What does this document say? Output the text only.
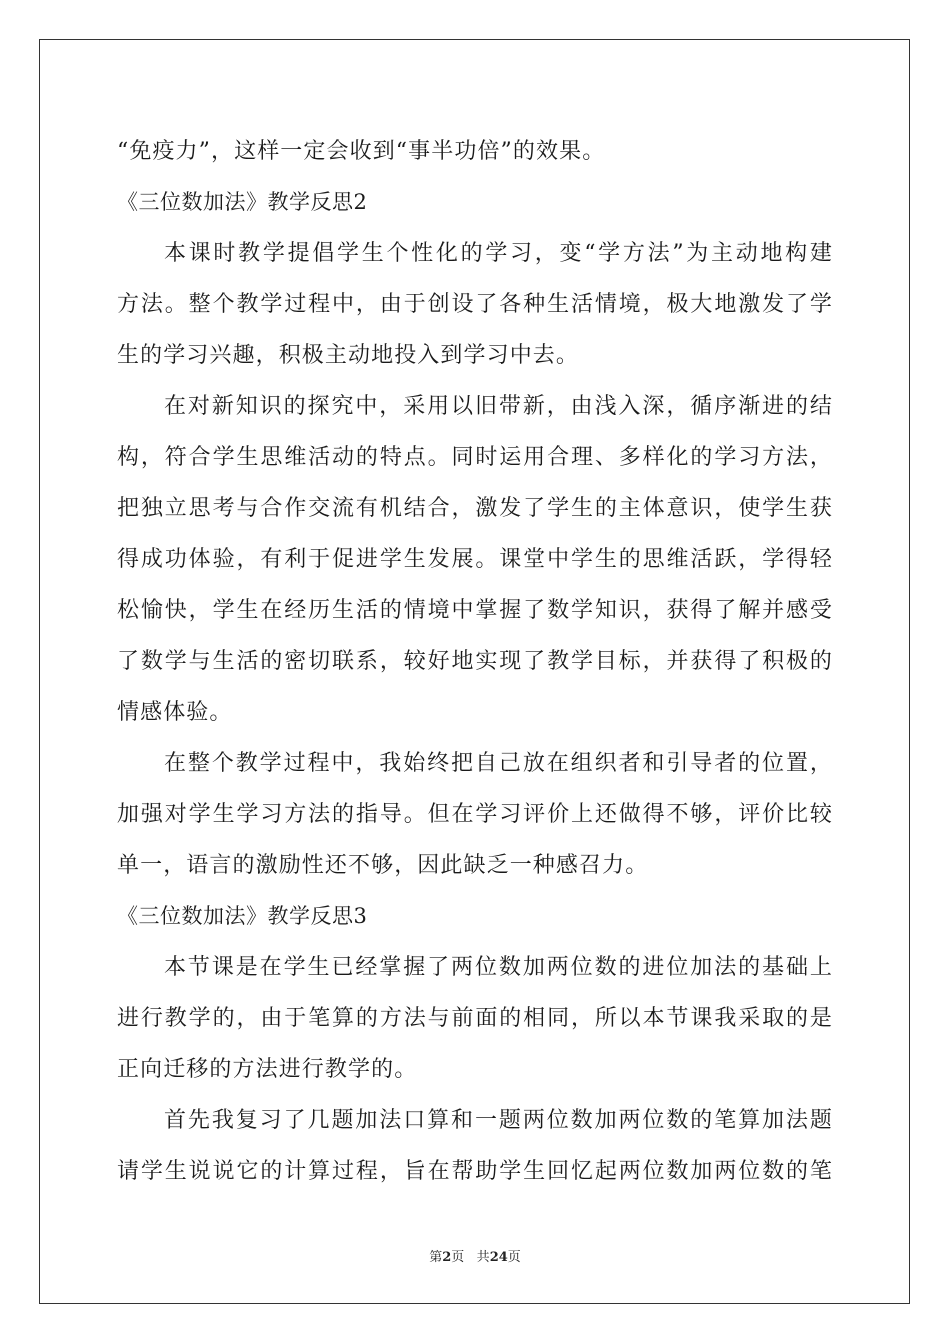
“免疫力”，这样一定会收到“事半功倍”的效果。
《三位数加法》教学反思2
本课时教学提倡学生个性化的学习，变“学方法”为主动地构建
方法。整个教学过程中，由于创设了各种生活情境，极大地激发了学
生的学习兴趣，积极主动地投入到学习中去。
在对新知识的探究中，采用以旧带新，由浅入深，循序渐进的结
构，符合学生思维活动的特点。同时运用合理、多样化的学习方法，
把独立思考与合作交流有机结合，激发了学生的主体意识，使学生获
得成功体验，有利于促进学生发展。课堂中学生的思维活跃，学得轻
松愉快，学生在经历生活的情境中掌握了数学知识，获得了解并感受
了数学与生活的密切联系，较好地实现了教学目标，并获得了积极的
情感体验。
在整个教学过程中，我始终把自己放在组织者和引导者的位置，
加强对学生学习方法的指导。但在学习评价上还做得不够，评价比较
单一，语言的激励性还不够，因此缺乏一种感召力。
《三位数加法》教学反思3
本节课是在学生已经掌握了两位数加两位数的进位加法的基础上
进行教学的，由于笔算的方法与前面的相同，所以本节课我采取的是
正向迁移的方法进行教学的。
首先我复习了几题加法口算和一题两位数加两位数的笔算加法题
请学生说说它的计算过程，旨在帮助学生回忆起两位数加两位数的笔
第2页   共24页
